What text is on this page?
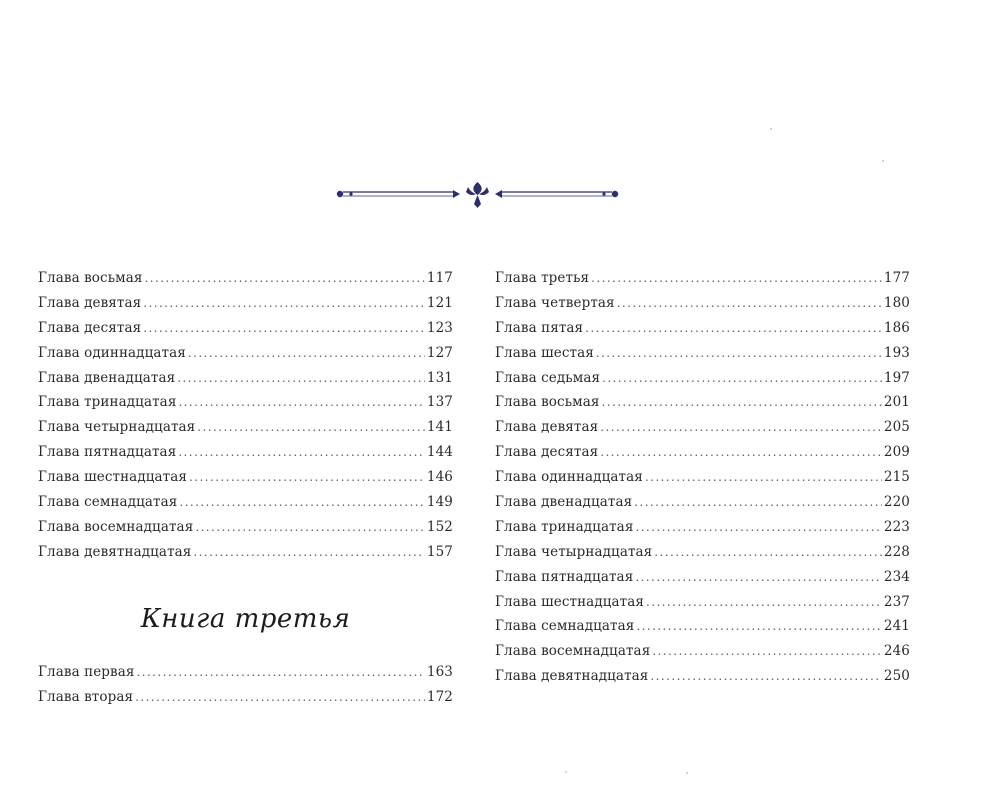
Глава восьмая . . .	117
Глава девятая . . .	121
Глава десятая . . .	123
Глава одиннадцатая . . .	127
Глава двенадцатая . . .	131
Глава тринадцатая . . .	137
Глава четырнадцатая . . .	141
Глава пятнадцатая . . .	144
Глава шестнадцатая . . .	146
Глава семнадцатая . . .	149
Глава восемнадцатая . . .	152
Глава девятнадцатая . . .	157
Книга третья
Глава первая . . .	163
Глава вторая . . .	172
Глава третья . . .	177
Глава четвертая . . .	180
Глава пятая . . .	186
Глава шестая . . .	193
Глава седьмая . . .	197
Глава восьмая . . .	201
Глава девятая . . .	205
Глава десятая . . .	209
Глава одиннадцатая . . .	215
Глава двенадцатая . . .	220
Глава тринадцатая . . .	223
Глава четырнадцатая . . .	228
Глава пятнадцатая . . .	234
Глава шестнадцатая . . .	237
Глава семнадцатая . . .	241
Глава восемнадцатая . . .	246
Глава девятнадцатая . . .	250
